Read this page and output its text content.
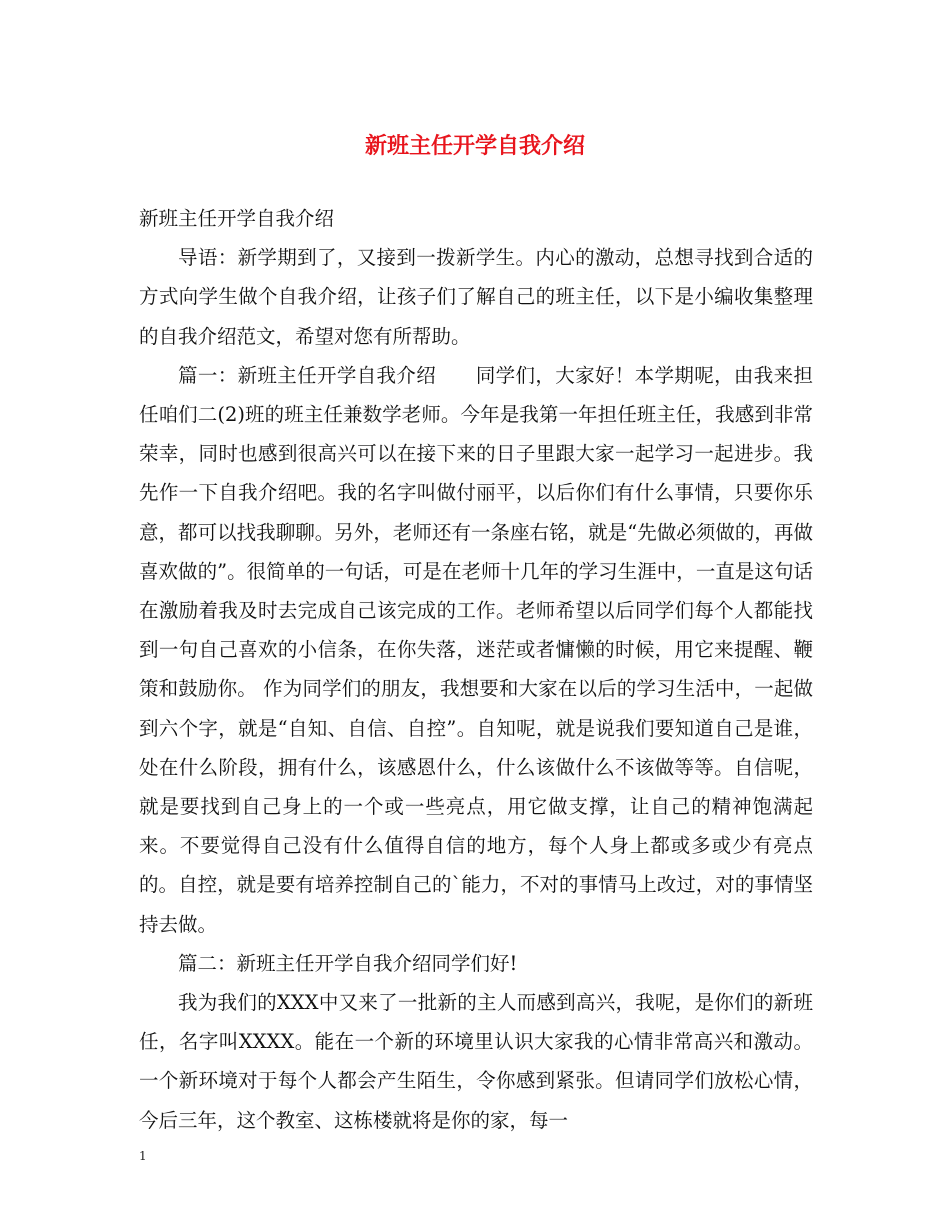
新班主任开学自我介绍

新班主任开学自我介绍

导语：新学期到了，又接到一拨新学生。内心的激动，总想寻找到合适的方式向学生做个自我介绍，让孩子们了解自己的班主任，以下是小编收集整理的自我介绍范文，希望对您有所帮助。

篇一：新班主任开学自我介绍　　同学们，大家好！本学期呢，由我来担任咱们二(2)班的班主任兼数学老师。今年是我第一年担任班主任，我感到非常荣幸，同时也感到很高兴可以在接下来的日子里跟大家一起学习一起进步。我先作一下自我介绍吧。我的名字叫做付丽平，以后你们有什么事情，只要你乐意，都可以找我聊聊。另外，老师还有一条座右铭，就是“先做必须做的，再做喜欢做的”。很简单的一句话，可是在老师十几年的学习生涯中，一直是这句话在激励着我及时去完成自己该完成的工作。老师希望以后同学们每个人都能找到一句自己喜欢的小信条，在你失落，迷茫或者慵懒的时候，用它来提醒、鞭策和鼓励你。 作为同学们的朋友，我想要和大家在以后的学习生活中，一起做到六个字，就是“自知、自信、自控”。自知呢，就是说我们要知道自己是谁，处在什么阶段，拥有什么，该感恩什么，什么该做什么不该做等等。自信呢，就是要找到自己身上的一个或一些亮点，用它做支撑，让自己的精神饱满起来。不要觉得自己没有什么值得自信的地方，每个人身上都或多或少有亮点的。自控，就是要有培养控制自己的`能力，不对的事情马上改过，对的事情坚持去做。

篇二：新班主任开学自我介绍同学们好!

我为我们的XXX中又来了一批新的主人而感到高兴，我呢，是你们的新班任，名字叫XXXX。能在一个新的环境里认识大家我的心情非常高兴和激动。一个新环境对于每个人都会产生陌生，令你感到紧张。但请同学们放松心情，今后三年，这个教室、这栋楼就将是你的家，每一

1
